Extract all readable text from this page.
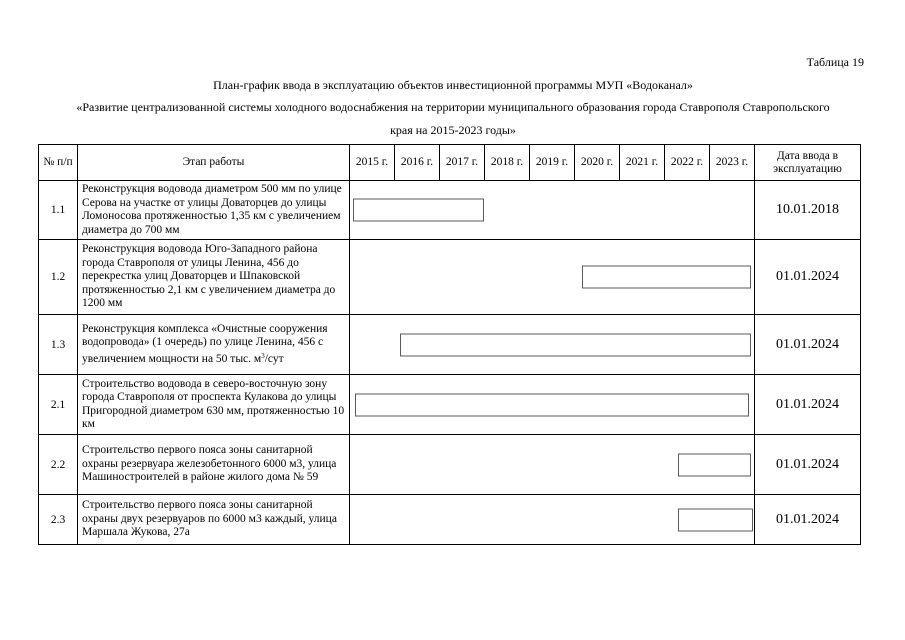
Таблица 19
План-график ввода в эксплуатацию объектов инвестиционной программы МУП «Водоканал»
«Развитие централизованной системы холодного водоснабжения на территории муниципального образования города Ставрополя Ставропольского
края на 2015-2023 годы»
№ п/п	Этап работы	2015 г.	2016 г.	2017 г.	2018 г.	2019 г.	2020 г.	2021 г.	2022 г.	2023 г.	Дата ввода в эксплуатацию
1.1	Реконструкция водовода диаметром 500 мм по улице Серова на участке от улицы Доваторцев до улицы Ломоносова протяженностью 1,35 км с увеличением диаметра до 700 мм										10.01.2018
1.2	Реконструкция водовода Юго-Западного района города Ставрополя от улицы Ленина, 456 до перекрестка улиц Доваторцев и Шпаковской протяженностью 2,1 км с увеличением диаметра до 1200 мм										01.01.2024
1.3	Реконструкция комплекса «Очистные сооружения водопровода» (1 очередь) по улице Ленина, 456 с увеличением мощности на 50 тыс. $м^3$/сут										01.01.2024
2.1	Строительство водовода в северо-восточную зону города Ставрополя от проспекта Кулакова до улицы Пригородной диаметром 630 мм, протяженностью 10 км										01.01.2024
2.2	Строительство первого пояса зоны санитарной охраны резервуара железобетонного 6000 м3, улица Машиностроителей в районе жилого дома № 59										01.01.2024
2.3	Строительство первого пояса зоны санитарной охраны двух резервуаров по 6000 м3 каждый, улица Маршала Жукова, 27а										01.01.2024
